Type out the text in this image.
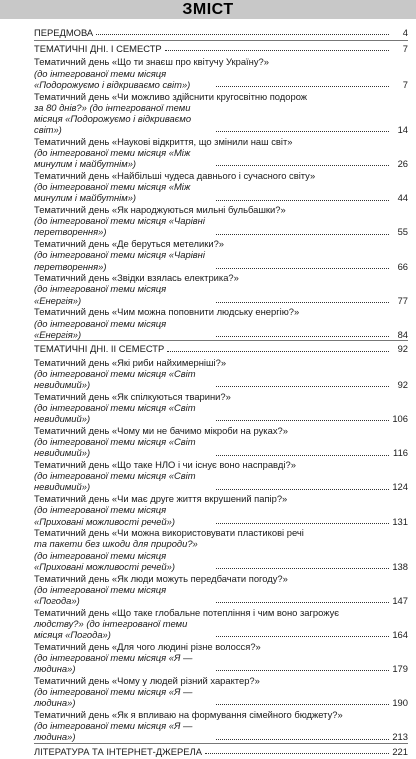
ЗМІСТ
ПЕРЕДМОВА	4
ТЕМАТИЧНІ ДНІ. І СЕМЕСТР	7
Тематичний день «Що ти знаєш про квітучу Україну?»
(до інтегрованої теми місяця «Подорожуємо і відкриваємо світ»)	7
Тематичний день «Чи можливо здійснити кругосвітню подорож
за 80 днів?» (до інтегрованої теми місяця «Подорожуємо і відкриваємо світ»)	14
Тематичний день «Наукові відкриття, що змінили наш світ»
(до інтегрованої теми місяця «Між минулим і майбутнім»)	26
Тематичний день «Найбільші чудеса давнього і сучасного світу»
(до інтегрованої теми місяця «Між минулим і майбутнім»)	44
Тематичний день «Як народжуються мильні бульбашки?»
(до інтегрованої теми місяця «Чарівні перетворення»)	55
Тематичний день «Де беруться метелики?»
(до інтегрованої теми місяця «Чарівні перетворення»)	66
Тематичний день «Звідки взялась електрика?»
(до інтегрованої теми місяця «Енергія»)	77
Тематичний день «Чим можна поповнити людську енергію?»
(до інтегрованої теми місяця «Енергія»)	84
ТЕМАТИЧНІ ДНІ. ІІ СЕМЕСТР	92
Тематичний день «Які риби найхимерніші?»
(до інтегрованої теми місяця «Світ невидимий»)	92
Тематичний день «Як спілкуються тварини?»
(до інтегрованої теми місяця «Світ невидимий»)	106
Тематичний день «Чому ми не бачимо мікроби на руках?»
(до інтегрованої теми місяця «Світ невидимий»)	116
Тематичний день «Що таке НЛО і чи існує воно насправді?»
(до інтегрованої теми місяця «Світ невидимий»)	124
Тематичний день «Чи має друге життя вкрушений папір?»
(до інтегрованої теми місяця «Приховані можливості речей»)	131
Тематичний день «Чи можна використовувати пластикові речі
та пакети без шкоди для природи?» (до інтегрованої теми місяця «Приховані можливості речей»)	138
Тематичний день «Як люди можуть передбачати погоду?»
(до інтегрованої теми місяця «Погода»)	147
Тематичний день «Що таке глобальне потепління і чим воно загрожує
людству?» (до інтегрованої теми місяця «Погода»)	164
Тематичний день «Для чого людині різне волосся?»
(до інтегрованої теми місяця «Я — людина»)	179
Тематичний день «Чому у людей різний характер?»
(до інтегрованої теми місяця «Я — людина»)	190
Тематичний день «Як я впливаю на формування сімейного бюджету?»
(до інтегрованої теми місяця «Я — людина»)	213
ЛІТЕРАТУРА ТА ІНТЕРНЕТ-ДЖЕРЕЛА	221
